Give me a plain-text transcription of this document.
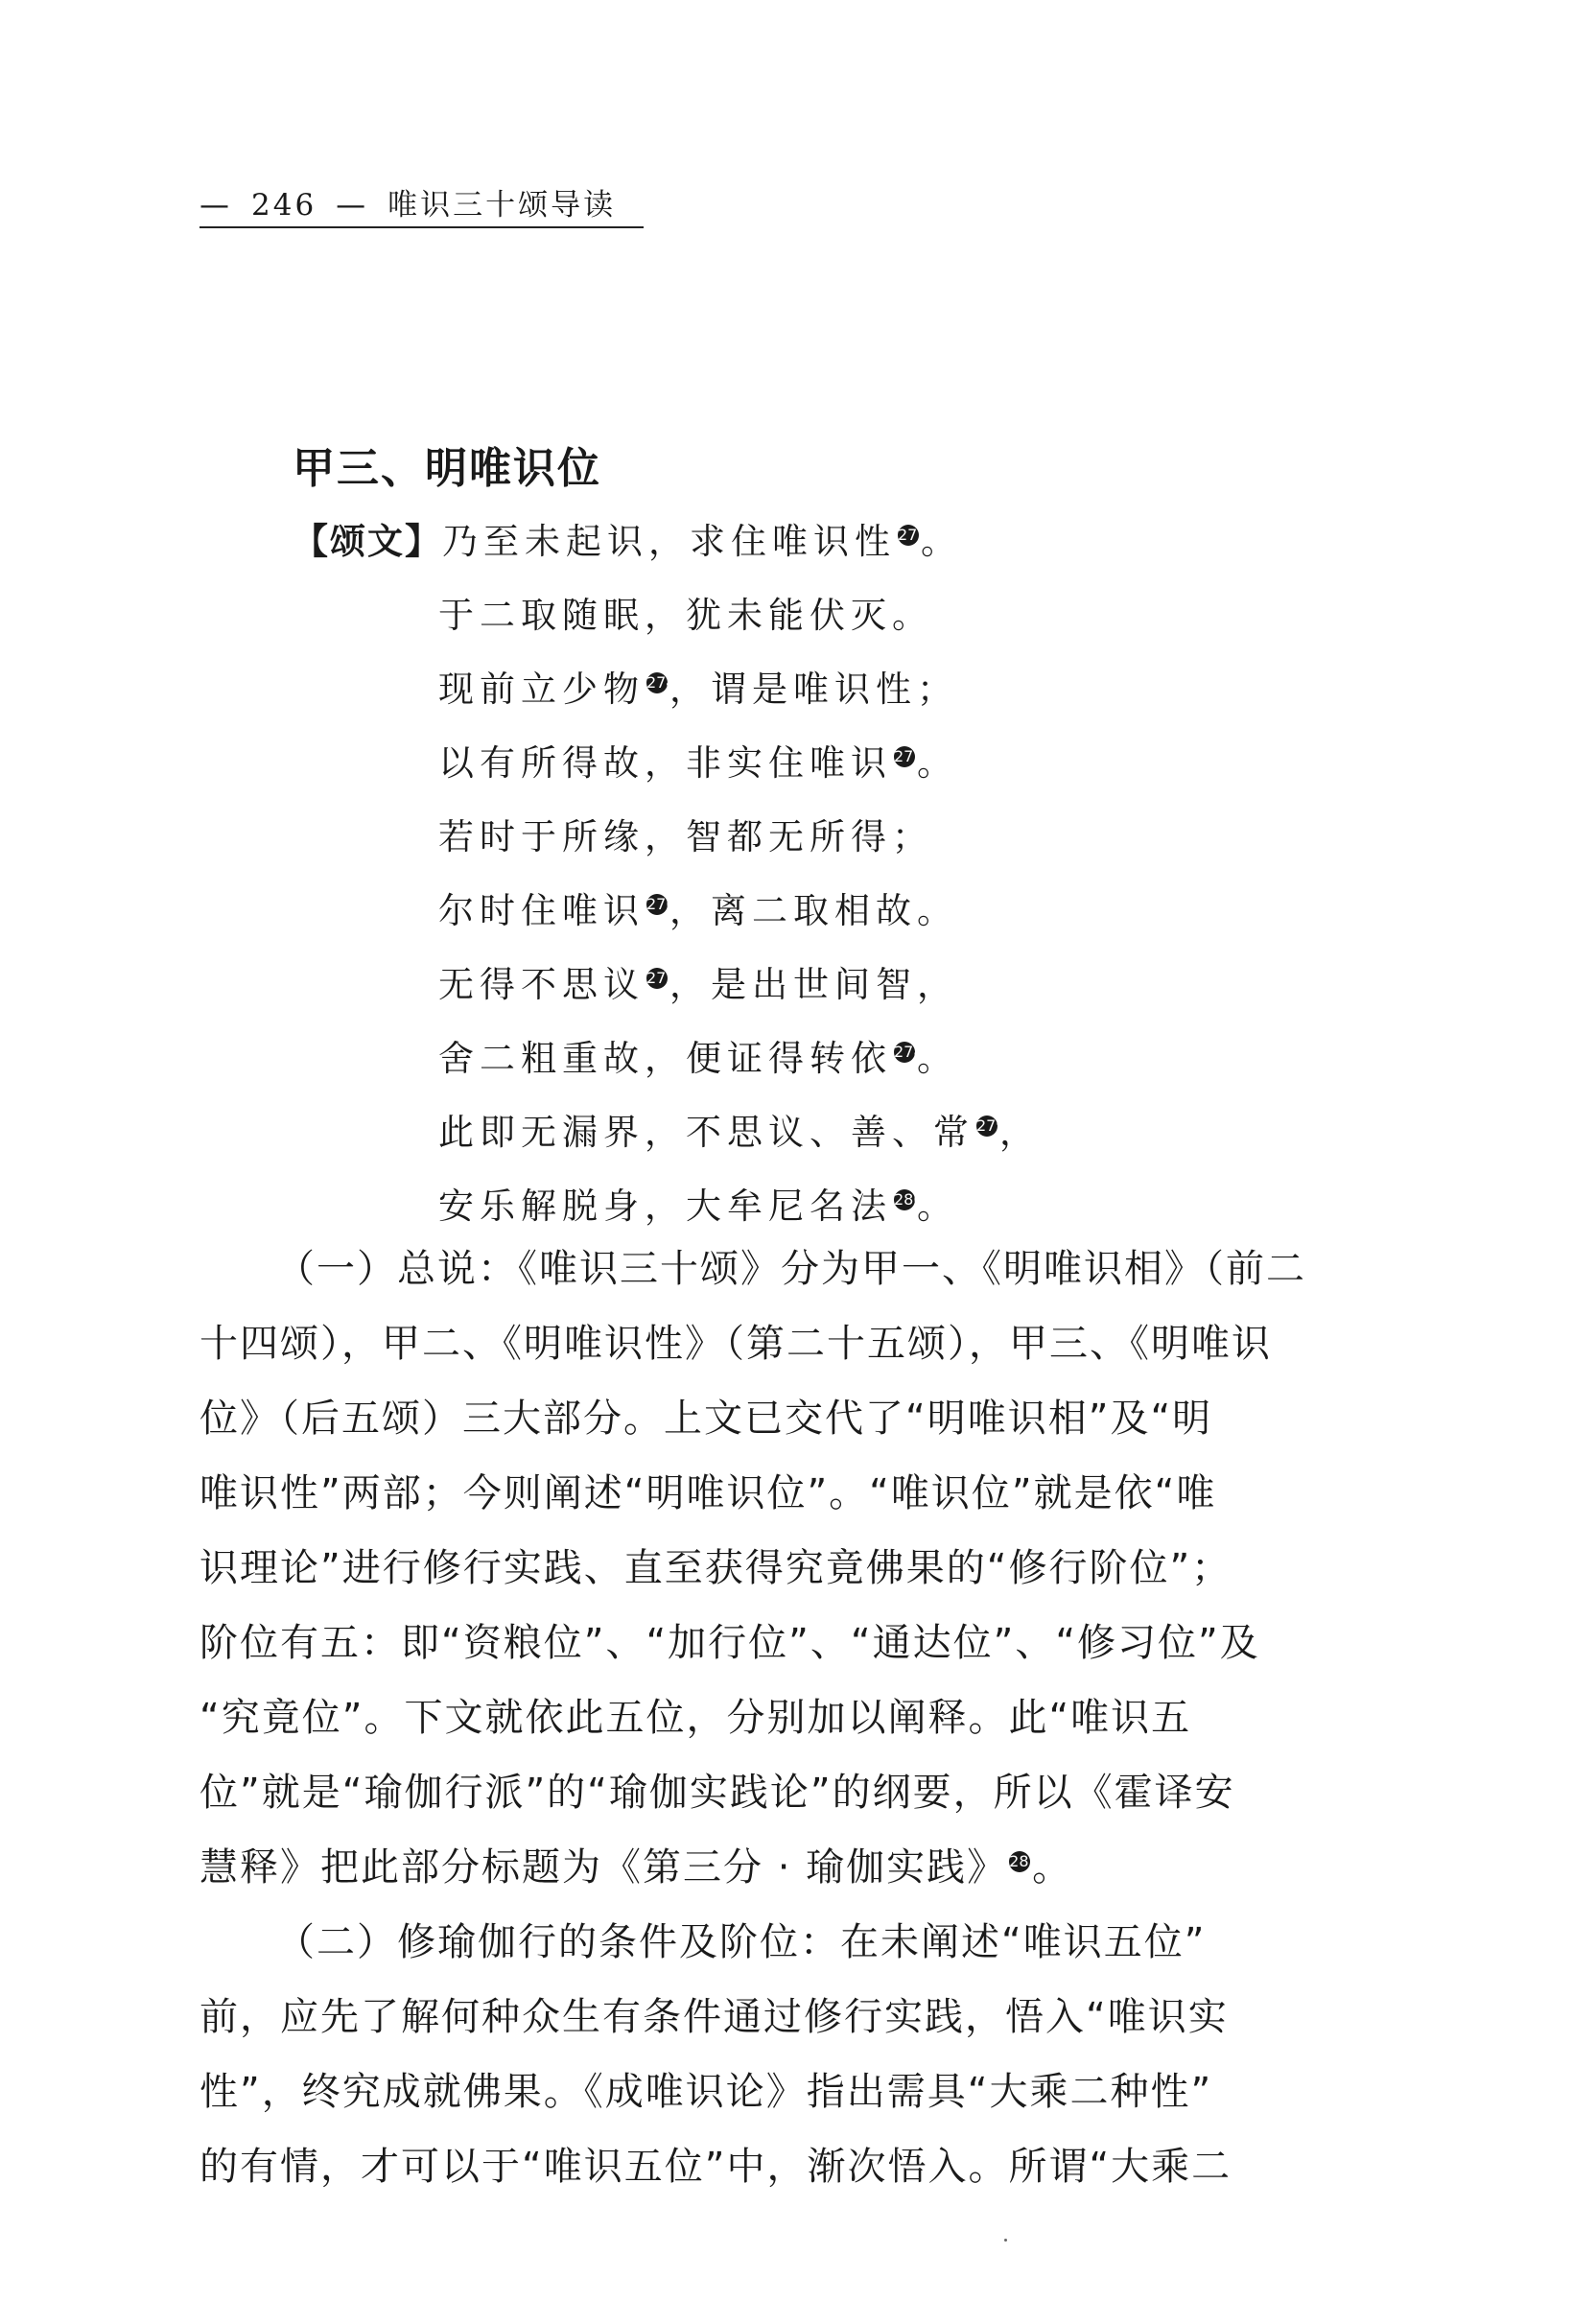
— 246 — 唯识三十颂导读
甲三、明唯识位
【颂文】乃至未起识，求住唯识性 273。
于二取随眠，犹未能伏灭。
现前立少物 274，谓是唯识性；
以有所得故，非实住唯识 275。
若时于所缘，智都无所得；
尔时住唯识 276，离二取相故。
无得不思议 277，是出世间智，
舍二粗重故，便证得转依 278。
此即无漏界，不思议、善、常 279，
安乐解脱身，大牟尼名法 280。
（一）总说：《唯识三十颂》分为甲一、《明唯识相》（前二
十四颂），甲二、《明唯识性》（第二十五颂），甲三、《明唯识
位》（后五颂）三大部分。上文已交代了“明唯识相”及“明
唯识性”两部；今则阐述“明唯识位”。“唯识位”就是依“唯
识理论”进行修行实践、直至获得究竟佛果的“修行阶位”；
阶位有五：即“资粮位”、“加行位”、“通达位”、“修习位”及
“究竟位”。下文就依此五位，分别加以阐释。此“唯识五
位”就是“瑜伽行派”的“瑜伽实践论”的纲要，所以《霍译安
慧释》把此部分标题为《第三分 · 瑜伽实践》 281。
（二）修瑜伽行的条件及阶位：在未阐述“唯识五位”
前，应先了解何种众生有条件通过修行实践，悟入“唯识实
性”，终究成就佛果。《成唯识论》指出需具“大乘二种性”
的有情，才可以于“唯识五位”中，渐次悟入。所谓“大乘二
